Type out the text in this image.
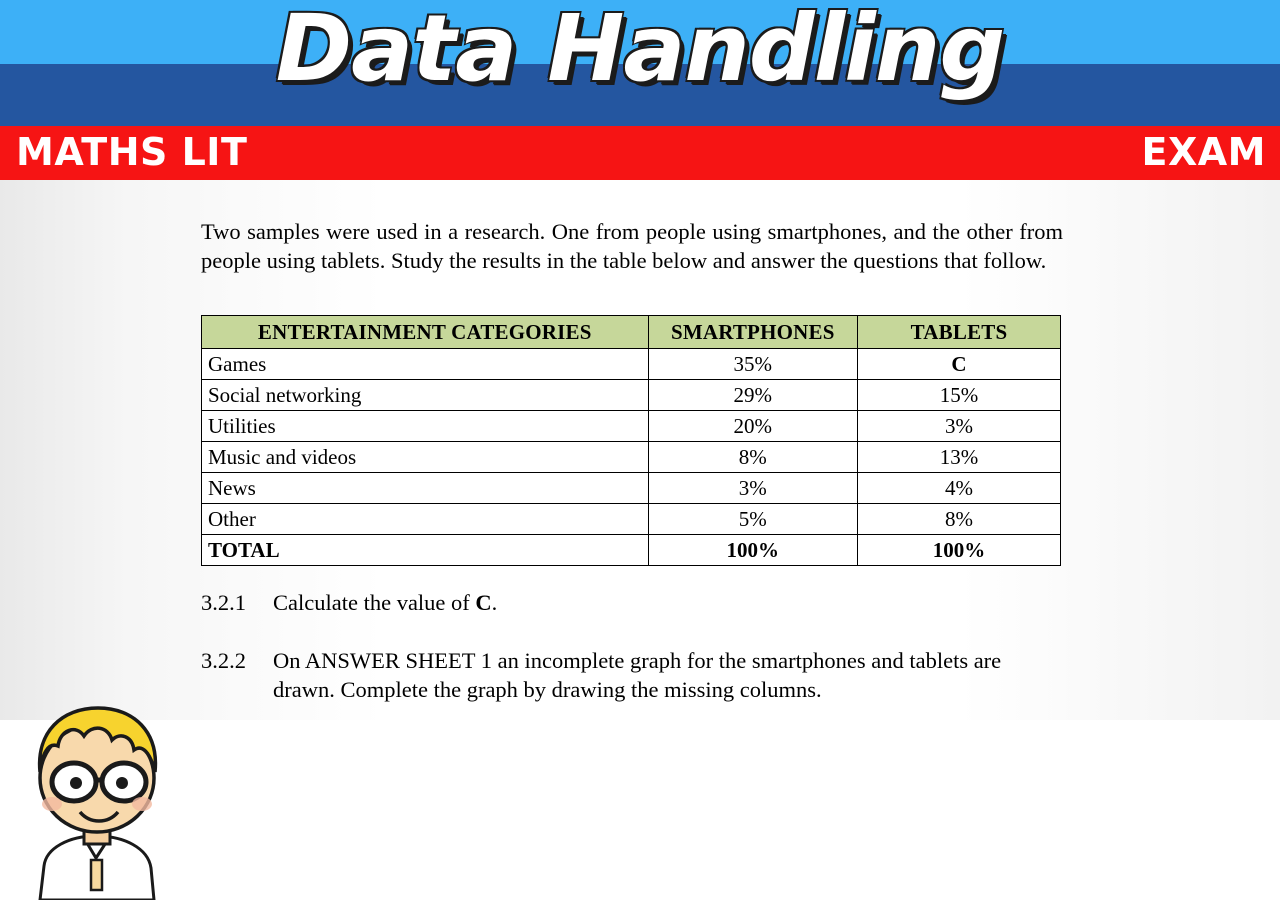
Data Handling
MATHS LIT	EXAM

Two samples were used in a research. One from people using smartphones, and the other from people using tablets. Study the results in the table below and answer the questions that follow.

ENTERTAINMENT CATEGORIES	SMARTPHONES	TABLETS
Games	35%	C
Social networking	29%	15%
Utilities	20%	3%
Music and videos	8%	13%
News	3%	4%
Other	5%	8%
TOTAL	100%	100%
3.2.1	Calculate the value of C.
3.2.2	On ANSWER SHEET 1 an incomplete graph for the smartphones and tablets are drawn. Complete the graph by drawing the missing columns.
